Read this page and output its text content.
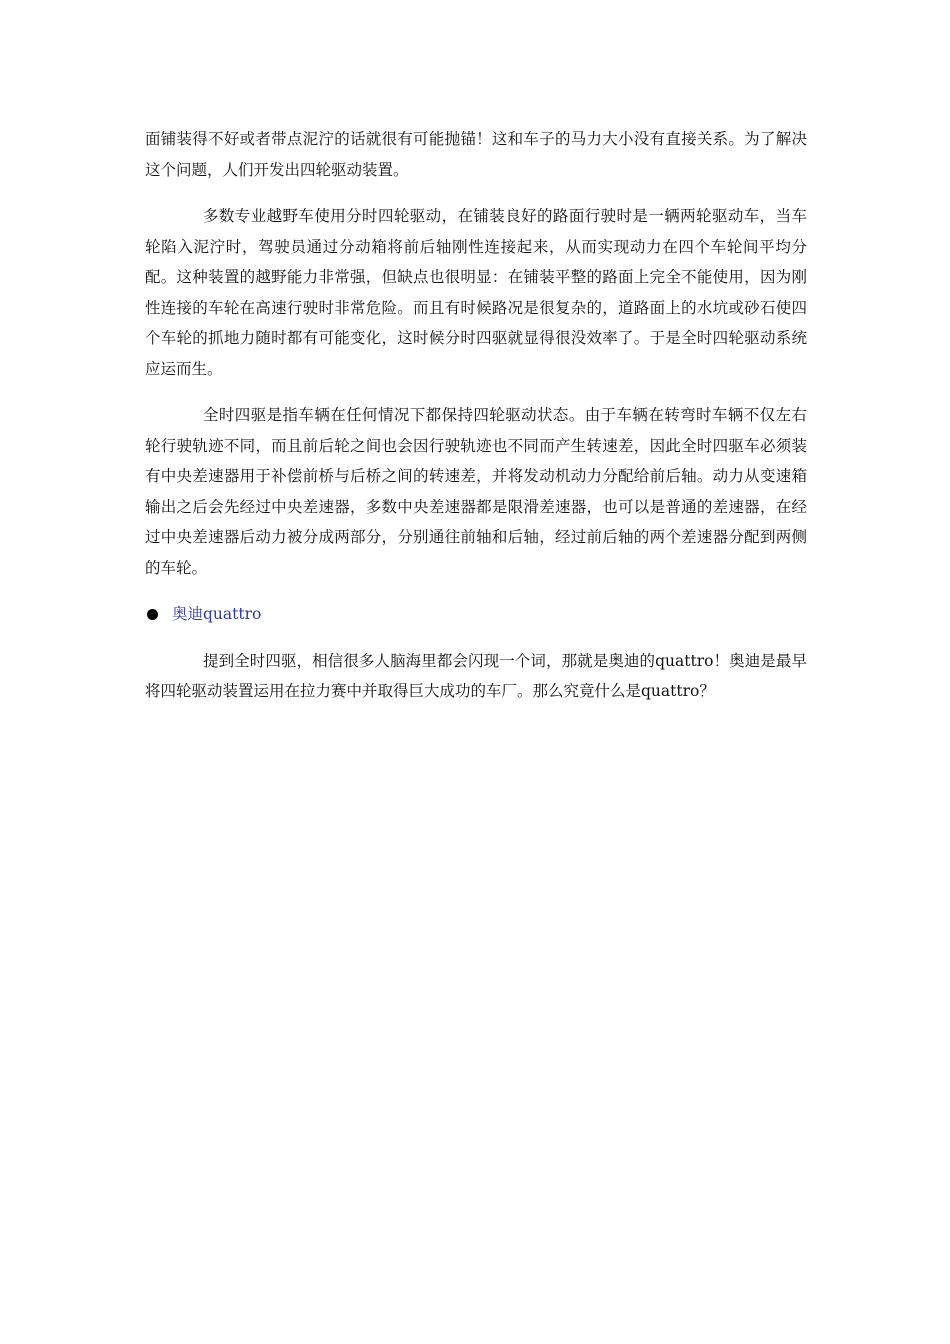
面铺装得不好或者带点泥泞的话就很有可能抛锚！这和车子的马力大小没有直接关系。为了解决这个问题，人们开发出四轮驱动装置。

多数专业越野车使用分时四轮驱动，在铺装良好的路面行驶时是一辆两轮驱动车，当车轮陷入泥泞时，驾驶员通过分动箱将前后轴刚性连接起来，从而实现动力在四个车轮间平均分配。这种装置的越野能力非常强，但缺点也很明显：在铺装平整的路面上完全不能使用，因为刚性连接的车轮在高速行驶时非常危险。而且有时候路况是很复杂的，道路面上的水坑或砂石使四个车轮的抓地力随时都有可能变化，这时候分时四驱就显得很没效率了。于是全时四轮驱动系统应运而生。

全时四驱是指车辆在任何情况下都保持四轮驱动状态。由于车辆在转弯时车辆不仅左右轮行驶轨迹不同，而且前后轮之间也会因行驶轨迹也不同而产生转速差，因此全时四驱车必须装有中央差速器用于补偿前桥与后桥之间的转速差，并将发动机动力分配给前后轴。动力从变速箱输出之后会先经过中央差速器，多数中央差速器都是限滑差速器，也可以是普通的差速器，在经过中央差速器后动力被分成两部分，分别通往前轴和后轴，经过前后轴的两个差速器分配到两侧的车轮。

奥迪quattro

提到全时四驱，相信很多人脑海里都会闪现一个词，那就是奥迪的quattro！奥迪是最早将四轮驱动装置运用在拉力赛中并取得巨大成功的车厂。那么究竟什么是quattro？
